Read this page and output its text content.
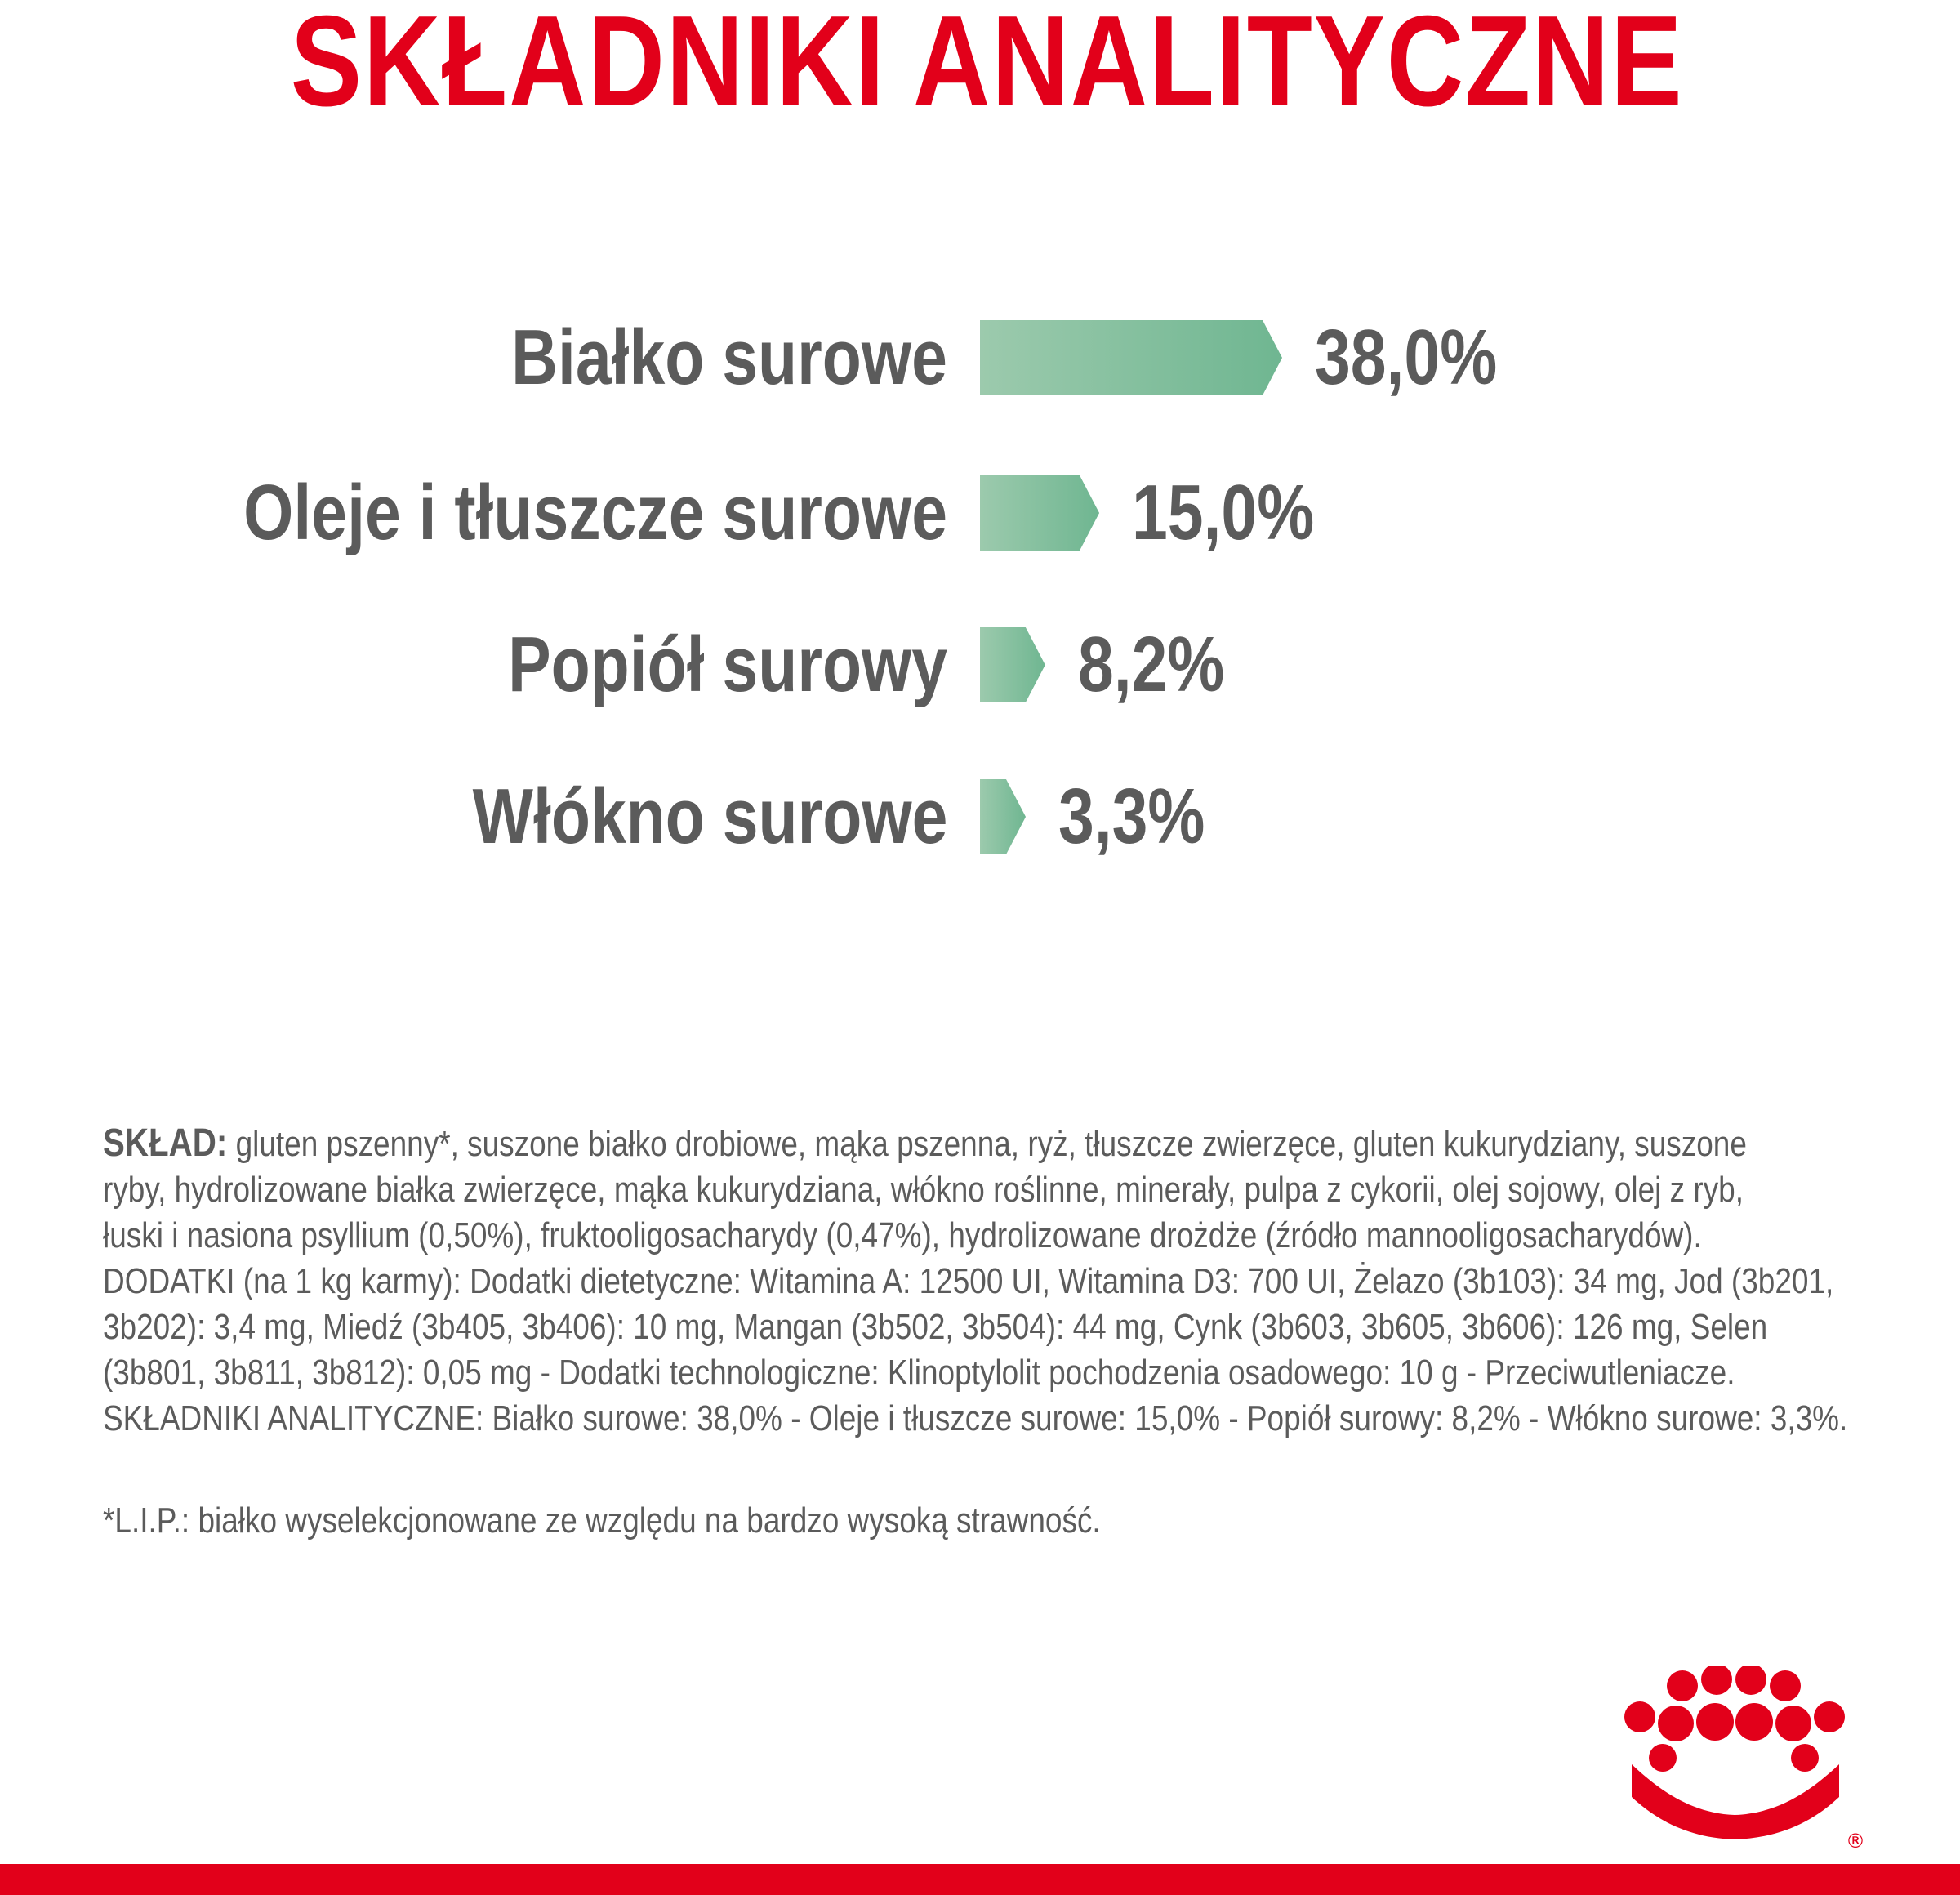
SKŁADNIKI ANALITYCZNE
Białko surowe	38,0%
Oleje i tłuszcze surowe 15,0%
Popiół surowy 8,2%
Włókno surowe 3,3%

SKŁAD: gluten pszenny*, suszone białko drobiowe, mąka pszenna, ryż, tłuszcze zwierzęce, gluten kukurydziany, suszone

ryby, hydrolizowane białka zwierzęce, mąka kukurydziana, włókno roślinne, minerały, pulpa z cykorii, olej sojowy, olej z ryb,

łuski i nasiona psyllium (0,50%), fruktooligosacharydy (0,47%), hydrolizowane drożdże (źródło mannooligosacharydów).

DODATKI (na 1 kg karmy): Dodatki dietetyczne: Witamina A: 12500 UI, Witamina D3: 700 UI, Żelazo (3b103): 34 mg, Jod (3b201,

3b202): 3,4 mg, Miedź (3b405, 3b406): 10 mg, Mangan (3b502, 3b504): 44 mg, Cynk (3b603, 3b605, 3b606): 126 mg, Selen

(3b801, 3b811, 3b812): 0,05 mg - Dodatki technologiczne: Klinoptylolit pochodzenia osadowego: 10 g - Przeciwutleniacze.

SKŁADNIKI ANALITYCZNE: Białko surowe: 38,0% - Oleje i tłuszcze surowe: 15,0% - Popiół surowy: 8,2% - Włókno surowe: 3,3%.

*L.I.P.: białko wyselekcjonowane ze względu na bardzo wysoką strawność.
®
